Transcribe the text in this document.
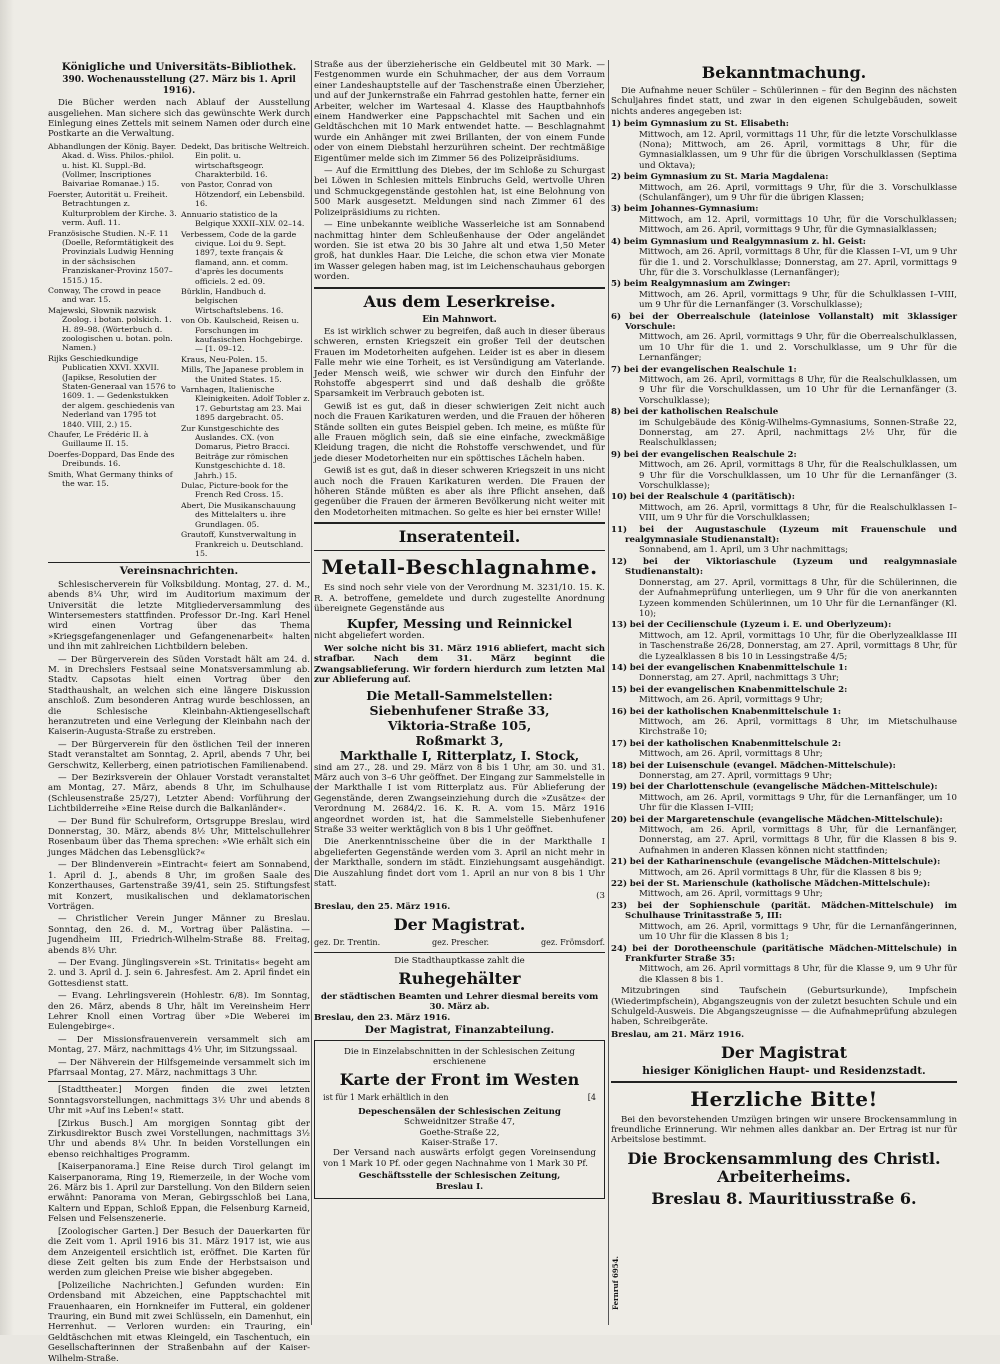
Königliche und Universitäts-Bibliothek.
390. Wochenausstellung (27. März bis 1. April 1916).

Die Bücher werden nach Ablauf der Ausstellung ausgeliehen. Man sichere sich das gewünschte Werk durch Einlegung eines Zettels mit seinem Namen oder durch eine Postkarte an die Verwaltung.

Abhandlungen der König. Bayer. Akad. d. Wiss. Philos.-philol. u. hist. Kl. Suppl.-Bd. (Vollmer, Inscriptiones Baivariae Romanae.) 15.
Foerster, Autorität u. Freiheit. Betrachtungen z. Kulturproblem der Kirche. 3. verm. Aufl. 11.
Französische Studien. N.-F. 11 (Doelle, Reformtätigkeit des Provinzials Ludwig Henning in der sächsischen Franziskaner-Provinz 1507–1515.) 15.
Conway, The crowd in peace and war. 15.
Majewski, Słownik nazwisk Zoolog. i botan. polskich. 1. H. 89–98. (Wörterbuch d. zoologischen u. botan. poln. Namen.)
Rijks Geschiedkundige Publicatien XXVI. XXVII. (Japikse, Resolutien der Staten-Generaal van 1576 to 1609. 1. — Gedenkstukken der algem. geschiedenis van Nederland van 1795 tot 1840. VIII, 2.) 15.
Chaufer, Le Frédéric II. à Guillaume II. 15.
Doerfes-Doppard, Das Ende des Dreibunds. 16.
Smith, What Germany thinks of the war. 15.
Dedekt, Das britische Weltreich. Ein polit. u. wirtschaftsgeogr. Charakterbild. 16.
von Pastor, Conrad von Hötzendorf, ein Lebensbild. 16.
Annuario statistico de la Belgique XXXII–XLV. 02–14.
Verbessem, Code de la garde civique. Loi du 9. Sept. 1897, texte français & flamand, ann. et comm. d'après les documents officiels. 2 ed. 09.
Bürklin, Handbuch d. belgischen Wirtschaftslebens. 16.
von Ob. Kaulscheid, Reisen u. Forschungen im kaufasischen Hochgebirge. — [1. 09–12.
Kraus, Neu-Polen. 15.
Mills, The Japanese problem in the United States. 15.
Varnhagen, Italienische Kleinigkeiten. Adolf Tobler z. 17. Geburtstag am 23. Mai 1895 dargebracht. 05.
Zur Kunstgeschichte des Auslandes. CX. (von Domarus, Pietro Bracci. Beiträge zur römischen Kunstgeschichte d. 18. Jahrh.) 15.
Dulac, Picture-book for the French Red Cross. 15.
Abert, Die Musikanschauung des Mittelalters u. ihre Grundlagen. 05.
Grautoff, Kunstverwaltung in Frankreich u. Deutschland. 15.
Vereinsnachrichten.

Schlesischerverein für Volksbildung. Montag, 27. d. M., abends 8¼ Uhr, wird im Auditorium maximum der Universität die letzte Mitgliederversammlung des Wintersemesters stattfinden. Professor Dr.-Ing. Karl Henel wird einen Vortrag über das Thema »Kriegsgefangenenlager und Gefangenenarbeit« halten und ihn mit zahlreichen Lichtbildern beleben.

— Der Bürgerverein des Süden Vorstadt hält am 24. d. M. in Drechslers Festsaal seine Monatsversammlung ab. Stadtv. Capsotas hielt einen Vortrag über den Stadthaushalt, an welchen sich eine längere Diskussion anschloß. Zum besonderen Antrag wurde beschlossen, an die Schlesische Kleinbahn-Aktiengesellschaft heranzutreten und eine Verlegung der Kleinbahn nach der Kaiserin-Augusta-Straße zu erstreben.

— Der Bürgerverein für den östlichen Teil der inneren Stadt veranstaltet am Sonntag, 2. April, abends 7 Uhr, bei Gerschwitz, Kellerberg, einen patriotischen Familienabend.

— Der Bezirksverein der Ohlauer Vorstadt veranstaltet am Montag, 27. März, abends 8 Uhr, im Schulhause (Schleusenstraße 25/27), Letzter Abend: Vorführung der Lichtbilderreihe »Eine Reise durch die Balkanländer«.

— Der Bund für Schulreform, Ortsgruppe Breslau, wird Donnerstag, 30. März, abends 8½ Uhr, Mittelschullehrer Rosenbaum über das Thema sprechen: »Wie erhält sich ein junges Mädchen das Lebensglück?«

— Der Blindenverein »Eintracht« feiert am Sonnabend, 1. April d. J., abends 8 Uhr, im großen Saale des Konzerthauses, Gartenstraße 39/41, sein 25. Stiftungsfest mit Konzert, musikalischen und deklamatorischen Vorträgen.

— Christlicher Verein Junger Männer zu Breslau. Sonntag, den 26. d. M., Vortrag über Palästina. — Jugendheim III, Friedrich-Wilhelm-Straße 88. Freitag, abends 8½ Uhr.

— Der Evang. Jünglingsverein »St. Trinitatis« begeht am 2. und 3. April d. J. sein 6. Jahresfest. Am 2. April findet ein Gottesdienst statt.

— Evang. Lehrlingsverein (Hohlestr. 6/8). Im Sonntag, den 26. März, abends 8 Uhr, hält im Vereinsheim Herr Lehrer Knoll einen Vortrag über »Die Weberei im Eulengebirge«.

— Der Missionsfrauenverein versammelt sich am Montag, 27. März, nachmittags 4½ Uhr, im Sitzungssaal.

— Der Nähverein der Hilfsgemeinde versammelt sich im Pfarrsaal Montag, 27. März, nachmittags 3 Uhr.

[Stadttheater.] Morgen finden die zwei letzten Sonntagsvorstellungen, nachmittags 3½ Uhr und abends 8 Uhr mit »Auf ins Leben!« statt.

[Zirkus Busch.] Am morgigen Sonntag gibt der Zirkusdirektor Busch zwei Vorstellungen, nachmittags 3½ Uhr und abends 8¼ Uhr. In beiden Vorstellungen ein ebenso reichhaltiges Programm.

[Kaiserpanorama.] Eine Reise durch Tirol gelangt im Kaiserpanorama, Ring 19, Riemerzeile, in der Woche vom 26. März bis 1. April zur Darstellung. Von den Bildern seien erwähnt: Panorama von Meran, Gebirgsschloß bei Lana, Kaltern und Eppan, Schloß Eppan, die Felsenburg Karneid, Felsen und Felsenszenerie.

[Zoologischer Garten.] Der Besuch der Dauerkarten für die Zeit vom 1. April 1916 bis 31. März 1917 ist, wie aus dem Anzeigenteil ersichtlich ist, eröffnet. Die Karten für diese Zeit gelten bis zum Ende der Herbstsaison und werden zum gleichen Preise wie bisher abgegeben.

[Polizeiliche Nachrichten.] Gefunden wurden: Ein Ordensband mit Abzeichen, eine Papptschachtel mit Frauenhaaren, ein Hornkneifer im Futteral, ein goldener Trauring, ein Bund mit zwei Schlüsseln, ein Damenhut, ein Herrenhut. — Verloren wurden: ein Trauring, ein Geldtäschchen mit etwas Kleingeld, ein Taschentuch, ein Gesellschafterinnen der Straßenbahn auf der Kaiser-Wilhelm-Straße.

Straße aus der überzieherische ein Geldbeutel mit 30 Mark. — Festgenommen wurde ein Schuhmacher, der aus dem Vorraum einer Landeshauptstelle auf der Taschenstraße einen Überzieher, und auf der Junkernstraße ein Fahrrad gestohlen hatte, ferner ein Arbeiter, welcher im Wartesaal 4. Klasse des Hauptbahnhofs einem Handwerker eine Pappschachtel mit Sachen und ein Geldtäschchen mit 10 Mark entwendet hatte. — Beschlagnahmt wurde ein Anhänger mit zwei Brillanten, der von einem Funde oder von einem Diebstahl herzurühren scheint. Der rechtmäßige Eigentümer melde sich im Zimmer 56 des Polizeipräsidiums.

— Auf die Ermittlung des Diebes, der im Schloße zu Schurgast bei Löwen in Schlesien mittels Einbruchs Geld, wertvolle Uhren und Schmuckgegenstände gestohlen hat, ist eine Belohnung von 500 Mark ausgesetzt. Meldungen sind nach Zimmer 61 des Polizeipräsidiums zu richten.

— Eine unbekannte weibliche Wasserleiche ist am Sonnabend nachmittag hinter dem Schleußenhause der Oder angeländet worden. Sie ist etwa 20 bis 30 Jahre alt und etwa 1,50 Meter groß, hat dunkles Haar. Die Leiche, die schon etwa vier Monate im Wasser gelegen haben mag, ist im Leichenschauhaus geborgen worden.

Aus dem Leserkreise.
Ein Mahnwort.

Es ist wirklich schwer zu begreifen, daß auch in dieser überaus schweren, ernsten Kriegszeit ein großer Teil der deutschen Frauen im Modetorheiten aufgehen. Leider ist es aber in diesem Falle mehr wie eine Torheit, es ist Versündigung am Vaterlande. Jeder Mensch weiß, wie schwer wir durch den Einfuhr der Rohstoffe abgesperrt sind und daß deshalb die größte Sparsamkeit im Verbrauch geboten ist.

Gewiß ist es gut, daß in dieser schwierigen Zeit nicht auch noch die Frauen Karikaturen werden, und die Frauen der höheren Stände sollten ein gutes Beispiel geben. Ich meine, es müßte für alle Frauen möglich sein, daß sie eine einfache, zweckmäßige Kleidung tragen, die nicht die Rohstoffe verschwendet, und für jede dieser Modetorheiten nur ein spöttisches Lächeln haben.

Gewiß ist es gut, daß in dieser schweren Kriegszeit in uns nicht auch noch die Frauen Karikaturen werden. Die Frauen der höheren Stände müßten es aber als ihre Pflicht ansehen, daß gegenüber die Frauen der ärmeren Bevölkerung nicht weiter mit den Modetorheiten mitmachen. So gelte es hier bei ernster Wille!

Inseratenteil.
Metall-Beschlagnahme.

Es sind noch sehr viele von der Verordnung M. 3231/10. 15. K. R. A. betroffene, gemeldete und durch zugestellte Anordnung übereignete Gegenstände aus

Kupfer, Messing und Reinnickel

nicht abgeliefert worden.

Wer solche nicht bis 31. März 1916 abliefert, macht sich strafbar. Nach dem 31. März beginnt die Zwangsablieferung. Wir fordern hierdurch zum letzten Mal zur Ablieferung auf.

Die Metall-Sammelstellen:
Siebenhufener Straße 33,
Viktoria-Straße 105,
Roßmarkt 3,
Markthalle I, Ritterplatz, I. Stock,

sind am 27., 28. und 29. März von 8 bis 1 Uhr, am 30. und 31. März auch von 3–6 Uhr geöffnet. Der Eingang zur Sammelstelle in der Markthalle I ist vom Ritterplatz aus. Für Ablieferung der Gegenstände, deren Zwangseinziehung durch die »Zusätze« der Verordnung M. 2684/2. 16. K. R. A. vom 15. März 1916 angeordnet worden ist, hat die Sammelstelle Siebenhufener Straße 33 weiter werktäglich von 8 bis 1 Uhr geöffnet.

Die Anerkenntnisscheine über die in der Markthalle I abgelieferten Gegenstände werden vom 3. April an nicht mehr in der Markthalle, sondern im städt. Einziehungsamt ausgehändigt. Die Auszahlung findet dort vom 1. April an nur von 8 bis 1 Uhr statt.

(3
Breslau, den 25. März 1916.
Der Magistrat.
gez. Dr. Trentin.	gez. Prescher.	gez. Frömsdorf.
Die Stadthauptkasse zahlt die
Ruhegehälter
der städtischen Beamten und Lehrer diesmal bereits vom 30. März ab.
Breslau, den 23. März 1916.
Der Magistrat, Finanzabteilung.
Die in Einzelabschnitten in der Schlesischen Zeitung erschienene
Karte der Front im Westen
ist für 1 Mark erhältlich in den	[4
Depeschensälen der Schlesischen Zeitung
Schweidnitzer Straße 47,
Goethe-Straße 22,
Kaiser-Straße 17.

Der Versand nach auswärts erfolgt gegen Voreinsendung von 1 Mark 10 Pf. oder gegen Nachnahme von 1 Mark 30 Pf.

Geschäftsstelle der Schlesischen Zeitung,
Breslau I.
Bekanntmachung.

Die Aufnahme neuer Schüler – Schülerinnen – für den Beginn des nächsten Schuljahres findet statt, und zwar in den eigenen Schulgebäuden, soweit nichts anderes angegeben ist:

1) beim Gymnasium zu St. Elisabeth:
Mittwoch, am 12. April, vormittags 11 Uhr, für die letzte Vorschulklasse (Nona); Mittwoch, am 26. April, vormittags 8 Uhr, für die Gymnasialklassen, um 9 Uhr für die übrigen Vorschulklassen (Septima und Oktava);
2) beim Gymnasium zu St. Maria Magdalena:
Mittwoch, am 26. April, vormittags 9 Uhr, für die 3. Vorschulklasse (Schulanfänger), um 9 Uhr für die übrigen Klassen;
3) beim Johannes-Gymnasium:
Mittwoch, am 12. April, vormittags 10 Uhr, für die Vorschulklassen; Mittwoch, am 26. April, vormittags 9 Uhr, für die Gymnasialklassen;
4) beim Gymnasium und Realgymnasium z. hl. Geist:
Mittwoch, am 26. April, vormittags 8 Uhr, für die Klassen I–VI, um 9 Uhr für die 1. und 2. Vorschulklasse; Donnerstag, am 27. April, vormittags 9 Uhr, für die 3. Vorschulklasse (Lernanfänger);
5) beim Realgymnasium am Zwinger:
Mittwoch, am 26. April, vormittags 9 Uhr, für die Schulklassen I–VIII, um 9 Uhr für die Lernanfänger (3. Vorschulklasse);
6) bei der Oberrealschule (lateinlose Vollanstalt) mit 3klassiger Vorschule:
Mittwoch, am 26. April, vormittags 9 Uhr, für die Oberrealschulklassen, um 10 Uhr für die 1. und 2. Vorschulklasse, um 9 Uhr für die Lernanfänger;
7) bei der evangelischen Realschule 1:
Mittwoch, am 26. April, vormittags 8 Uhr, für die Realschulklassen, um 9 Uhr für die Vorschulklassen, um 10 Uhr für die Lernanfänger (3. Vorschulklasse);
8) bei der katholischen Realschule
im Schulgebäude des König-Wilhelms-Gymnasiums, Sonnen-Straße 22, Donnerstag, am 27. April, nachmittags 2½ Uhr, für die Realschulklassen;
9) bei der evangelischen Realschule 2:
Mittwoch, am 26. April, vormittags 8 Uhr, für die Realschulklassen, um 9 Uhr für die Vorschulklassen, um 10 Uhr für die Lernanfänger (3. Vorschulklasse);
10) bei der Realschule 4 (paritätisch):
Mittwoch, am 26. April, vormittags 8 Uhr, für die Realschulklassen I–VIII, um 9 Uhr für die Vorschulklassen;
11) bei der Augustaschule (Lyzeum mit Frauenschule und realgymnasiale Studienanstalt):
Sonnabend, am 1. April, um 3 Uhr nachmittags;
12) bei der Viktoriaschule (Lyzeum und realgymnasiale Studienanstalt):
Donnerstag, am 27. April, vormittags 8 Uhr, für die Schülerinnen, die der Aufnahmeprüfung unterliegen, um 9 Uhr für die von anerkannten Lyzeen kommenden Schülerinnen, um 10 Uhr für die Lernanfänger (Kl. 10);
13) bei der Cecilienschule (Lyzeum i. E. und Oberlyzeum):
Mittwoch, am 12. April, vormittags 10 Uhr, für die Oberlyzealklasse III in Taschenstraße 26/28, Donnerstag, am 27. April, vormittags 8 Uhr, für die Lyzealklassen 8 bis 10 in Lessingstraße 4/5;
14) bei der evangelischen Knabenmittelschule 1:
Donnerstag, am 27. April, nachmittags 3 Uhr;
15) bei der evangelischen Knabenmittelschule 2:
Mittwoch, am 26. April, vormittags 9 Uhr;
16) bei der katholischen Knabenmittelschule 1:
Mittwoch, am 26. April, vormittags 8 Uhr, im Mietschulhause Kirchstraße 10;
17) bei der katholischen Knabenmittelschule 2:
Mittwoch, am 26. April, vormittags 8 Uhr;
18) bei der Luisenschule (evangel. Mädchen-Mittelschule):
Donnerstag, am 27. April, vormittags 9 Uhr;
19) bei der Charlottenschule (evangelische Mädchen-Mittelschule):
Mittwoch, am 26. April, vormittags 9 Uhr, für die Lernanfänger, um 10 Uhr für die Klassen I–VIII;
20) bei der Margaretenschule (evangelische Mädchen-Mittelschule):
Mittwoch, am 26. April, vormittags 8 Uhr, für die Lernanfänger, Donnerstag, am 27. April, vormittags 8 Uhr, für die Klassen 8 bis 9. Aufnahmen in anderen Klassen können nicht stattfinden;
21) bei der Katharinenschule (evangelische Mädchen-Mittelschule):
Mittwoch, am 26. April vormittags 8 Uhr, für die Klassen 8 bis 9;
22) bei der St. Marienschule (katholische Mädchen-Mittelschule):
Mittwoch, am 26. April, vormittags 9 Uhr;
23) bei der Sophienschule (parität. Mädchen-Mittelschule) im Schulhause Trinitasstraße 5, III:
Mittwoch, am 26. April, vormittags 9 Uhr, für die Lernanfängerinnen, um 10 Uhr für die Klassen 8 bis 1;
24) bei der Dorotheenschule (paritätische Mädchen-Mittelschule) in Frankfurter Straße 35:
Mittwoch, am 26. April vormittags 8 Uhr, für die Klasse 9, um 9 Uhr für die Klassen 8 bis 1.

Mitzubringen sind Taufschein (Geburtsurkunde), Impfschein (Wiederimpfschein), Abgangszeugnis von der zuletzt besuchten Schule und ein Schulgeld-Ausweis. Die Abgangszeugnisse — die Aufnahmeprüfung abzulegen haben, Schreibgeräte.

Breslau, am 21. März 1916.
Der Magistrat
hiesiger Königlichen Haupt- und Residenzstadt.
Herzliche Bitte!

Bei den bevorstehenden Umzügen bringen wir unsere Brockensammlung in freundliche Erinnerung. Wir nehmen alles dankbar an. Der Ertrag ist nur für Arbeitslose bestimmt.

Die Brockensammlung des Christl. Arbeiterheims.
Breslau 8. Mauritiusstraße 6.
Fernruf 6954.
